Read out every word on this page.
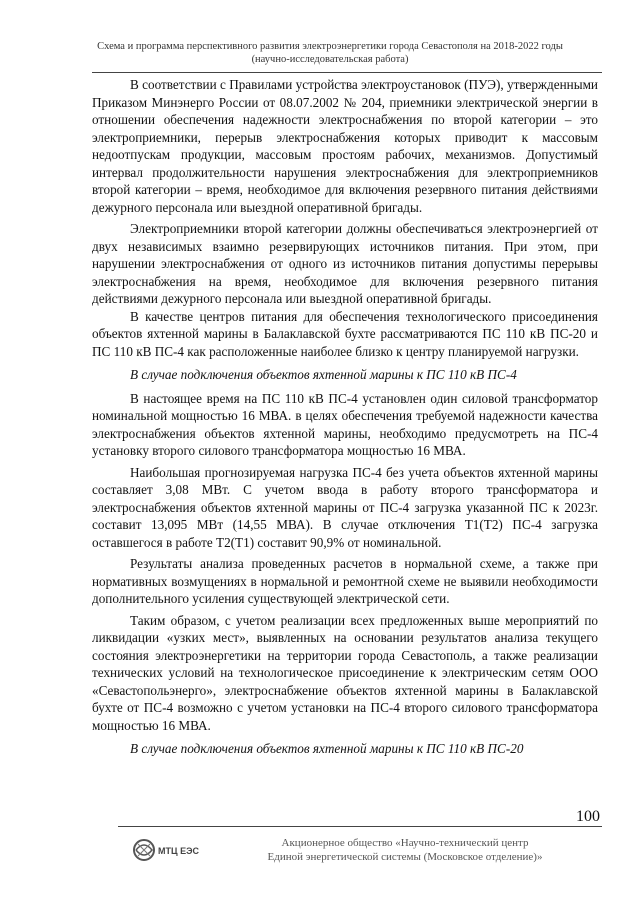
Схема и программа перспективного развития электроэнергетики города Севастополя на 2018-2022 годы
(научно-исследовательская работа)

В соответствии с Правилами устройства электроустановок (ПУЭ), утвержденными Приказом Минэнерго России от 08.07.2002 № 204, приемники электрической энергии в отношении обеспечения надежности электроснабжения по второй категории – это электроприемники, перерыв электроснабжения которых приводит к массовым недоотпускам продукции, массовым простоям рабочих, механизмов. Допустимый интервал продолжительности нарушения электроснабжения для электроприемников второй категории – время, необходимое для включения резервного питания действиями дежурного персонала или выездной оперативной бригады.

Электроприемники второй категории должны обеспечиваться электроэнергией от двух независимых взаимно резервирующих источников питания. При этом, при нарушении электроснабжения от одного из источников питания допустимы перерывы электроснабжения на время, необходимое для включения резервного питания действиями дежурного персонала или выездной оперативной бригады.

В качестве центров питания для обеспечения технологического присоединения объектов яхтенной марины в Балаклавской бухте рассматриваются ПС 110 кВ ПС-20 и ПС 110 кВ ПС-4 как расположенные наиболее близко к центру планируемой нагрузки.

В случае подключения объектов яхтенной марины к ПС 110 кВ ПС-4

В настоящее время на ПС 110 кВ ПС-4 установлен один силовой трансформатор номинальной мощностью 16 МВА. в целях обеспечения требуемой надежности качества электроснабжения объектов яхтенной марины, необходимо предусмотреть на ПС-4 установку второго силового трансформатора мощностью 16 МВА.

Наибольшая прогнозируемая нагрузка ПС-4 без учета объектов яхтенной марины составляет 3,08 МВт. С учетом ввода в работу второго трансформатора и электроснабжения объектов яхтенной марины от ПС-4 загрузка указанной ПС к 2023г. составит 13,095 МВт (14,55 МВА). В случае отключения Т1(Т2) ПС-4 загрузка оставшегося в работе Т2(Т1) составит 90,9% от номинальной.

Результаты анализа проведенных расчетов в нормальной схеме, а также при нормативных возмущениях в нормальной и ремонтной схеме не выявили необходимости дополнительного усиления существующей электрической сети.

Таким образом, с учетом реализации всех предложенных выше мероприятий по ликвидации «узких мест», выявленных на основании результатов анализа текущего состояния электроэнергетики на территории города Севастополь, а также реализации технических условий на технологическое присоединение к электрическим сетям ООО «Севастопольэнерго», электроснабжение объектов яхтенной марины в Балаклавской бухте от ПС-4 возможно с учетом установки на ПС-4 второго силового трансформатора мощностью 16 МВА.

В случае подключения объектов яхтенной марины к ПС 110 кВ ПС-20

100
МТЦ ЕЭС
Акционерное общество «Научно-технический центр
Единой энергетической системы (Московское отделение)»
